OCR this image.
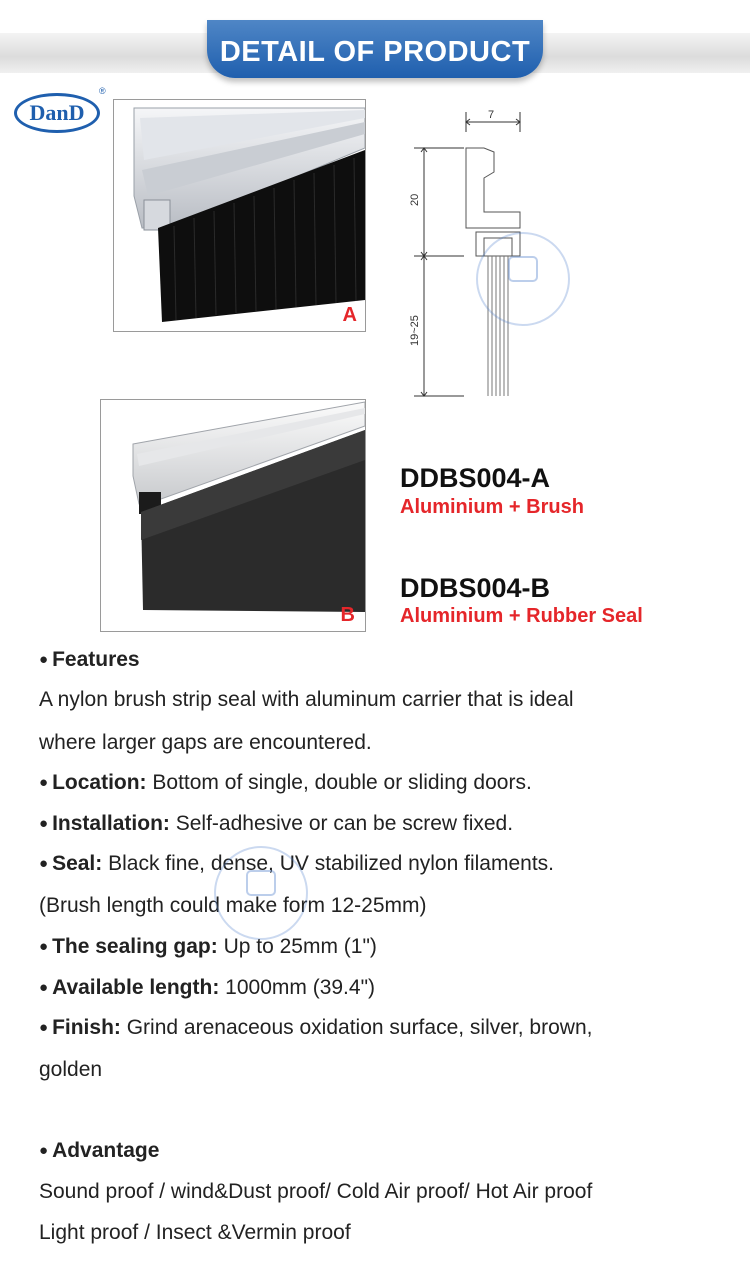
DETAIL OF PRODUCT
DanD
®
A
7
20
19~25
B
DDBS004-A
Aluminium + Brush
DDBS004-B
Aluminium + Rubber Seal
● Features
A nylon brush strip seal with aluminum carrier that is ideal
where larger gaps are encountered.
● Location: Bottom of single, double or sliding doors.
● Installation: Self-adhesive or can be screw fixed.
● Seal: Black fine, dense, UV stabilized nylon filaments.
(Brush length could make form 12-25mm)
● The sealing gap: Up to 25mm (1")
● Available length: 1000mm (39.4")
● Finish: Grind arenaceous oxidation surface, silver, brown,
golden
● Advantage
Sound proof / wind&Dust proof/ Cold Air proof/ Hot Air proof
Light proof / Insect &Vermin proof
